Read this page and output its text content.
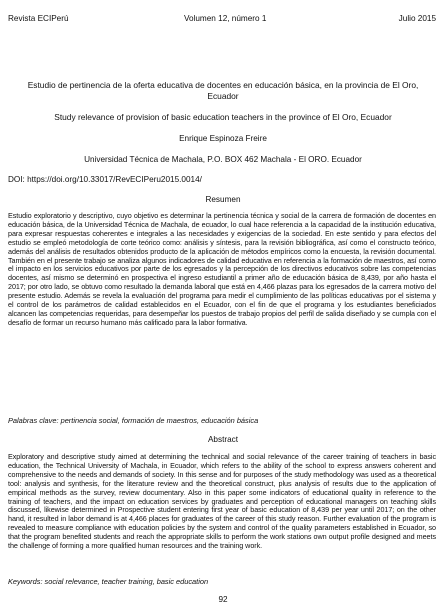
Revista ECIPerú	Volumen 12, número 1	Julio 2015
Estudio de pertinencia de la oferta educativa de docentes en educación básica, en la provincia de El Oro, Ecuador
Study relevance of provision of basic education teachers in the province of El Oro, Ecuador
Enrique Espinoza Freire
Universidad Técnica de Machala, P.O. BOX 462 Machala - El ORO. Ecuador
DOI: https://doi.org/10.33017/RevECIPeru2015.0014/
Resumen
Estudio exploratorio y descriptivo, cuyo objetivo es determinar la pertinencia técnica y social de la carrera de formación de docentes en educación básica, de la Universidad Técnica de Machala, de ecuador, lo cual hace referencia a la capacidad de la institución educativa, para expresar respuestas coherentes e integrales a las necesidades y exigencias de la sociedad. En este sentido y para efectos del estudio se empleó metodología de corte teórico como: análisis y síntesis, para la revisión bibliográfica, así como el constructo teórico, además del análisis de resultados obtenidos producto de la aplicación de métodos empíricos como la encuesta, la revisión documental. También en el presente trabajo se analiza algunos indicadores de calidad educativa en referencia a la formación de maestros, así como el impacto en los servicios educativos por parte de los egresados y la percepción de los directivos educativos sobre las competencias docentes, así mismo se determinó en prospectiva el ingreso estudiantil a primer año de educación básica de 8,439, por año hasta el 2017; por otro lado, se obtuvo como resultado la demanda laboral que está en 4,466 plazas para los egresados de la carrera motivo del presente estudio. Además se revela la evaluación del programa para medir el cumplimiento de las políticas educativas por el sistema y el control de los parámetros de calidad establecidos en el Ecuador, con el fin de que el programa y los estudiantes beneficiados alcancen las competencias requeridas, para desempeñar los puestos de trabajo propios del perfil de salida diseñado y se cumpla con el desafío de formar un recurso humano más calificado para la labor formativa.
Palabras clave: pertinencia social, formación de maestros, educación básica
Abstract
Exploratory and descriptive study aimed at determining the technical and social relevance of the career training of teachers in basic education, the Technical University of Machala, in Ecuador, which refers to the ability of the school to express answers coherent and comprehensive to the needs and demands of society. In this sense and for purposes of the study methodology was used as a theoretical tool: analysis and synthesis, for the literature review and the theoretical construct, plus analysis of results due to the application of empirical methods as the survey, review documentary. Also in this paper some indicators of educational quality in reference to the training of teachers, and the impact on education services by graduates and perception of educational managers on teaching skills discussed, likewise determined in Prospective student entering first year of basic education of 8,439 per year until 2017; on the other hand, it resulted in labor demand is at 4,466 places for graduates of the career of this study reason. Further evaluation of the program is revealed to measure compliance with education policies by the system and control of the quality parameters established in Ecuador, so that the program benefited students and reach the appropriate skills to perform the work stations own output profile designed and meets the challenge of forming a more qualified human resources and the training work.
Keywords: social relevance, teacher training, basic education
92
